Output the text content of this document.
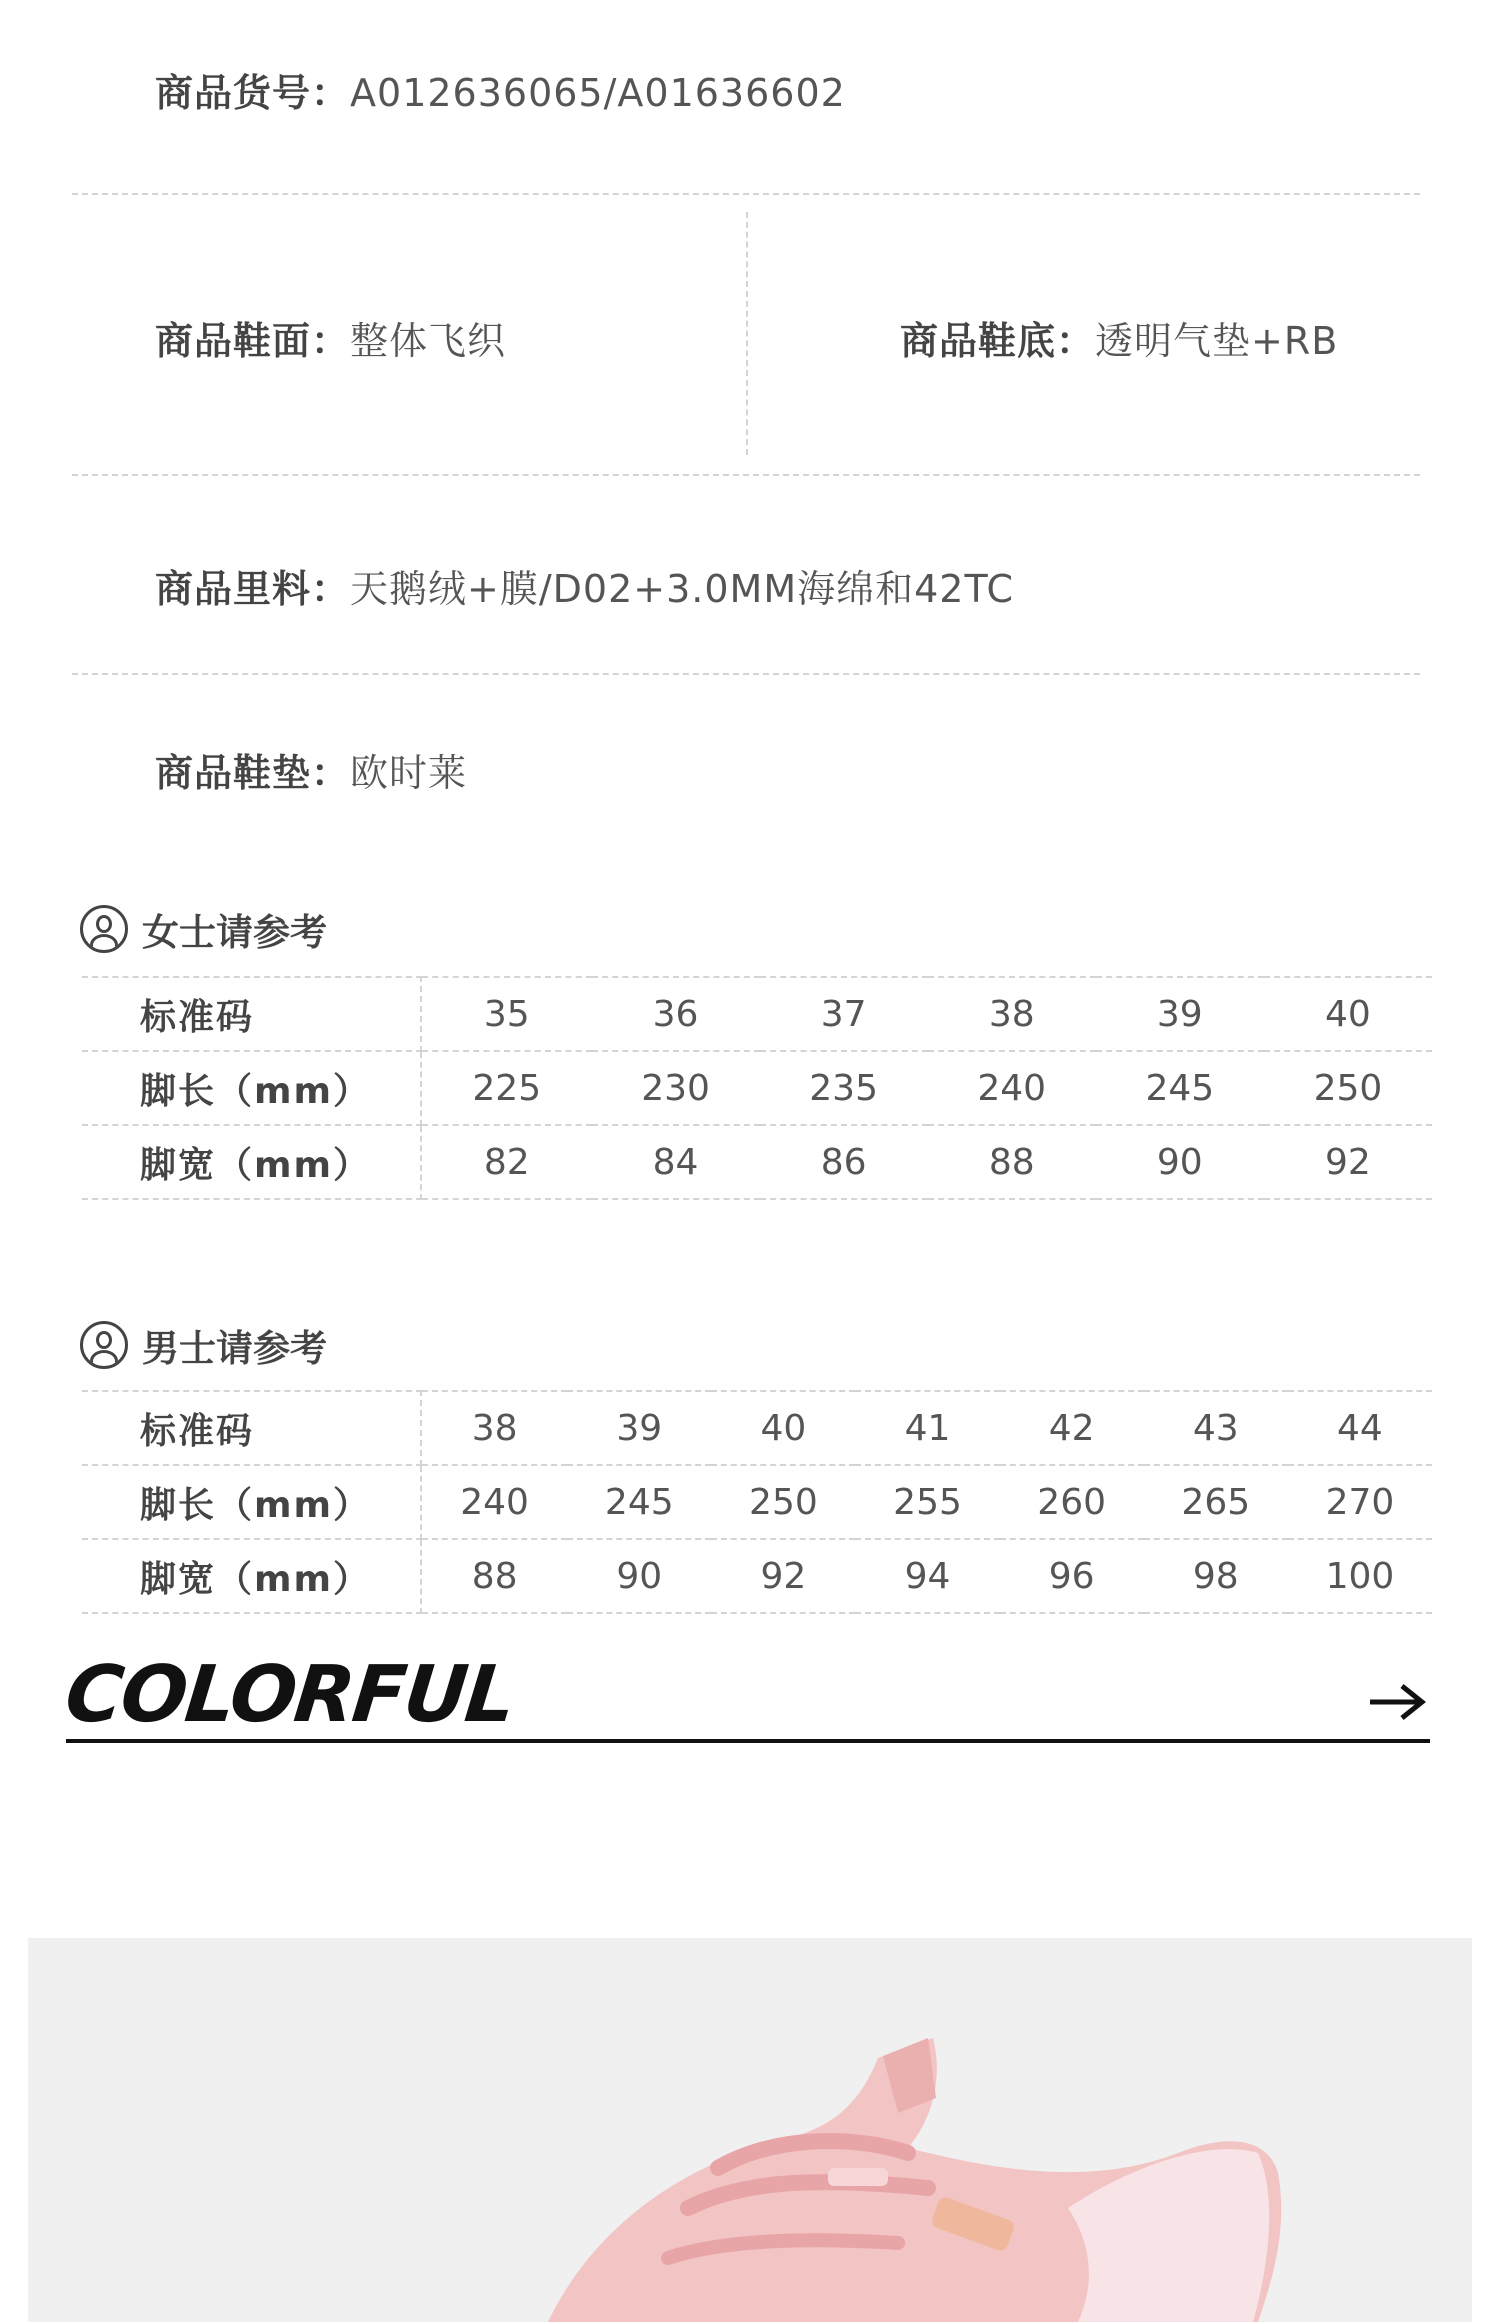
商品货号：A012636065/A01636602
商品鞋面：整体飞织	商品鞋底：透明气垫+RB
商品里料：天鹅绒+膜/D02+3.0MM海绵和42TC
商品鞋垫：欧时莱
女士请参考
标准码	35	36	37	38	39	40
脚长（mm）	225	230	235	240	245	250
脚宽（mm）	82	84	86	88	90	92
男士请参考
标准码	38	39	40	41	42	43	44
脚长（mm）	240	245	250	255	260	265	270
脚宽（mm）	88	90	92	94	96	98	100
COLORFUL
